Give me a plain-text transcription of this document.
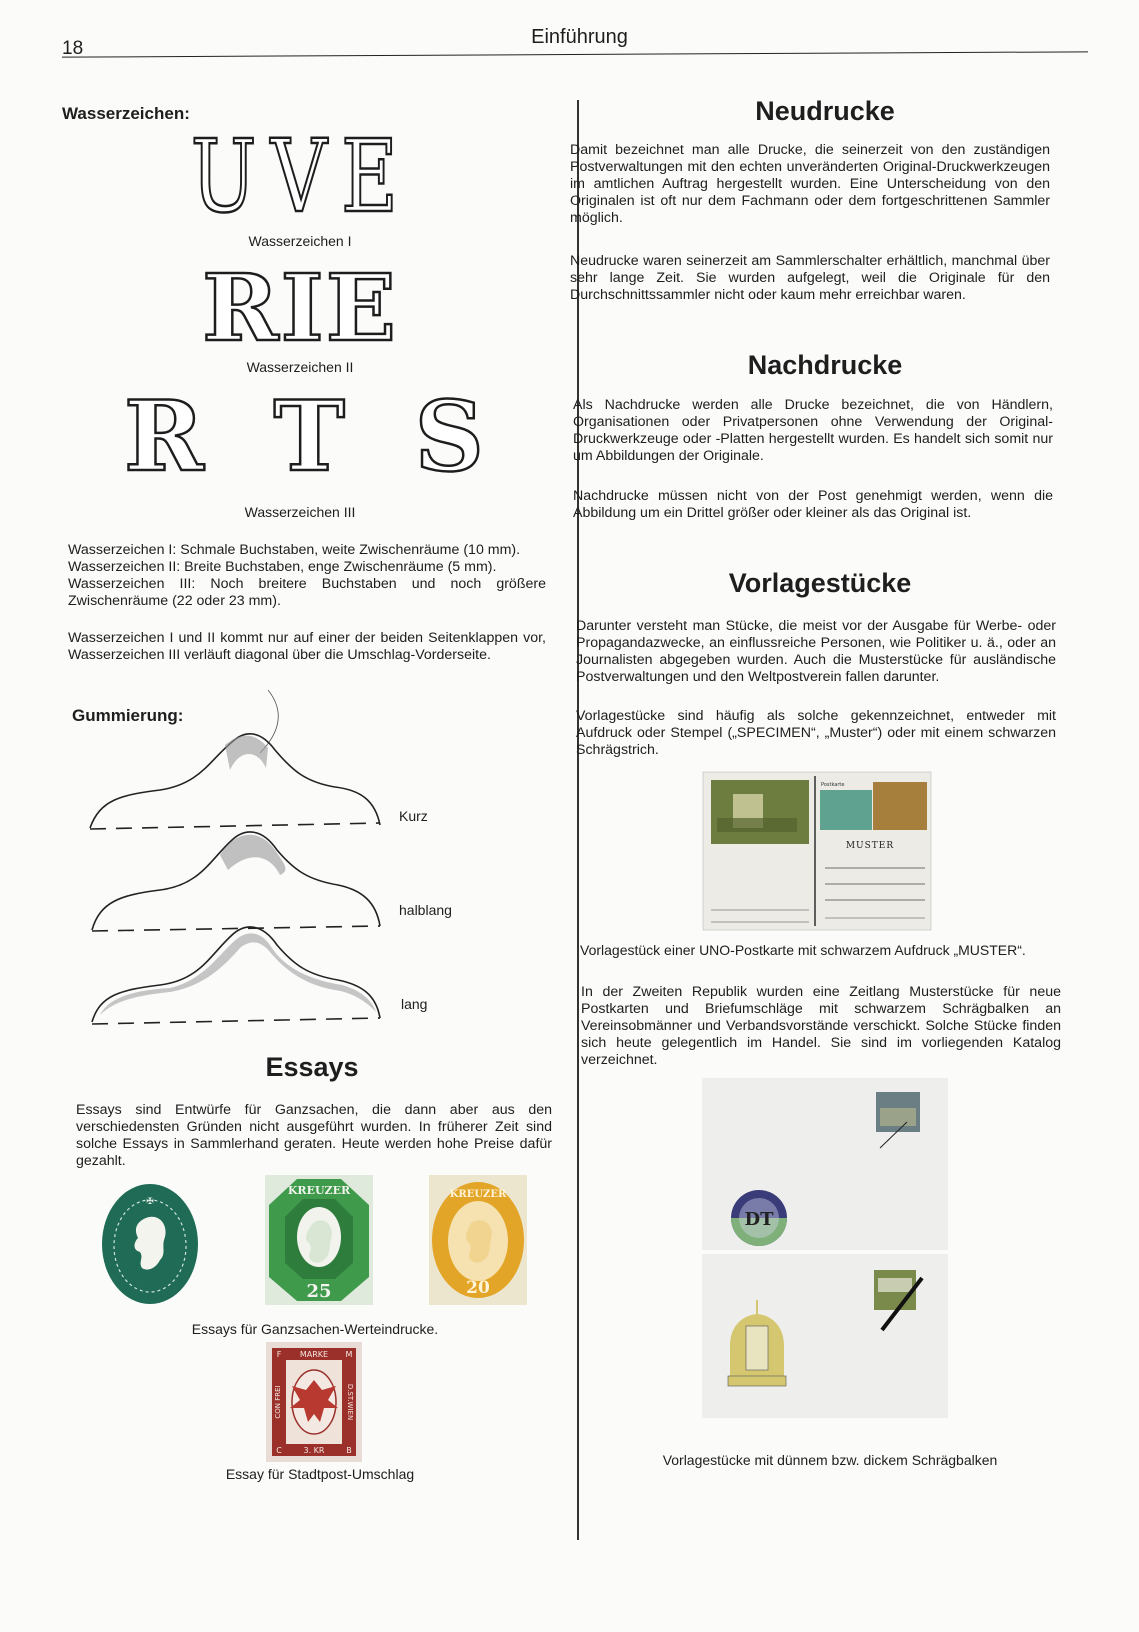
18
Einführung
Wasserzeichen:
UVE
Wasserzeichen I
RIE
Wasserzeichen II
R T S
Wasserzeichen III
Wasserzeichen I: Schmale Buchstaben, weite Zwischenräume (10 mm).
Wasserzeichen II: Breite Buchstaben, enge Zwischenräume (5 mm).
Wasserzeichen III: Noch breitere Buchstaben und noch größere Zwischenräume (22 oder 23 mm).
Wasserzeichen I und II kommt nur auf einer der beiden Seitenklappen vor, Wasserzeichen III verläuft diagonal über die Umschlag-Vorderseite.
Gummierung:
Kurz
halblang
lang
Essays
Essays sind Entwürfe für Ganzsachen, die dann aber aus den verschiedensten Gründen nicht ausgeführt wurden. In früherer Zeit sind solche Essays in Sammlerhand geraten. Heute werden hohe Preise dafür gezahlt.
✠
KREUZER
25
KREUZER
20
Essays für Ganzsachen-Werteindrucke.
MARKE
F	M
CON FREI	D.ST.WIEN
C	3. KR	B
Essay für Stadtpost-Umschlag
Neudrucke
Damit bezeichnet man alle Drucke, die seinerzeit von den zuständigen Postverwaltungen mit den echten unveränderten Original-Druckwerkzeugen im amtlichen Auftrag hergestellt wurden. Eine Unterscheidung von den Originalen ist oft nur dem Fachmann oder dem fortgeschrittenen Sammler möglich.
Neudrucke waren seinerzeit am Sammlerschalter erhältlich, manchmal über sehr lange Zeit. Sie wurden aufgelegt, weil die Originale für den Durchschnittssammler nicht oder kaum mehr erreichbar waren.
Nachdrucke
Als Nachdrucke werden alle Drucke bezeichnet, die von Händlern, Organisationen oder Privatpersonen ohne Verwendung der Original-Druckwerkzeuge oder -Platten hergestellt wurden. Es handelt sich somit nur um Abbildungen der Originale.
Nachdrucke müssen nicht von der Post genehmigt werden, wenn die Abbildung um ein Drittel größer oder kleiner als das Original ist.
Vorlagestücke
Darunter versteht man Stücke, die meist vor der Ausgabe für Werbe- oder Propagandazwecke, an einflussreiche Personen, wie Politiker u. ä., oder an Journalisten abgegeben wurden. Auch die Musterstücke für ausländische Postverwaltungen und den Weltpostverein fallen darunter.
Vorlagestücke sind häufig als solche gekennzeichnet, entweder mit Aufdruck oder Stempel („SPECIMEN“, „Muster“) oder mit einem schwarzen Schrägstrich.
Postkarte
MUSTER
Vorlagestück einer UNO-Postkarte mit schwarzem Aufdruck „MUSTER“.
In der Zweiten Republik wurden eine Zeitlang Musterstücke für neue Postkarten und Briefumschläge mit schwarzem Schrägbalken an Vereinsobmänner und Verbandsvorstände verschickt. Solche Stücke finden sich heute gelegentlich im Handel. Sie sind im vorliegenden Katalog verzeichnet.
DT
Vorlagestücke mit dünnem bzw. dickem Schrägbalken
